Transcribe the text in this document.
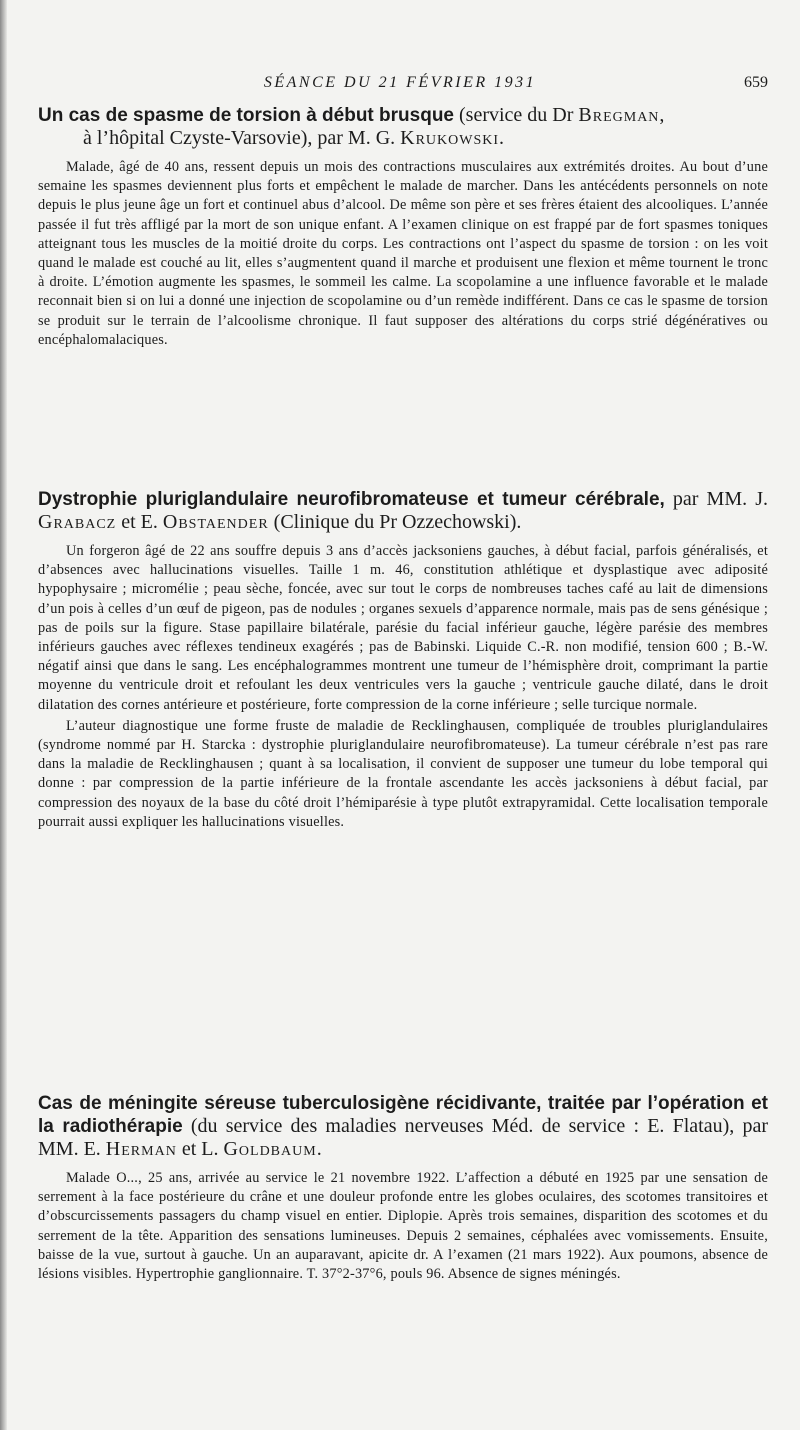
SÉANCE DU 21 FÉVRIER 1931	659
Un cas de spasme de torsion à début brusque (service du Dr Bregman,
à l’hôpital Czyste-Varsovie), par M. G. Krukowski.

Malade, âgé de 40 ans, ressent depuis un mois des contractions musculaires aux extrémités droites. Au bout d’une semaine les spasmes deviennent plus forts et empêchent le malade de marcher. Dans les antécédents personnels on note depuis le plus jeune âge un fort et continuel abus d’alcool. De même son père et ses frères étaient des alcooliques. L’année passée il fut très affligé par la mort de son unique enfant. A l’examen clinique on est frappé par de fort spasmes toniques atteignant tous les muscles de la moitié droite du corps. Les contractions ont l’aspect du spasme de torsion : on les voit quand le malade est couché au lit, elles s’augmentent quand il marche et produisent une flexion et même tournent le tronc à droite. L’émotion augmente les spasmes, le sommeil les calme. La scopolamine a une influence favorable et le malade reconnait bien si on lui a donné une injection de scopolamine ou d’un remède indifférent. Dans ce cas le spasme de torsion se produit sur le terrain de l’alcoolisme chronique. Il faut supposer des altérations du corps strié dégénératives ou encéphalomalaciques.

Dystrophie pluriglandulaire neurofibromateuse et tumeur cérébrale, par MM. J. Grabacz et E. Obstaender (Clinique du Pr Ozzechowski).

Un forgeron âgé de 22 ans souffre depuis 3 ans d’accès jacksoniens gauches, à début facial, parfois généralisés, et d’absences avec hallucinations visuelles. Taille 1 m. 46, constitution athlétique et dysplastique avec adiposité hypophysaire ; micromélie ; peau sèche, foncée, avec sur tout le corps de nombreuses taches café au lait de dimensions d’un pois à celles d’un œuf de pigeon, pas de nodules ; organes sexuels d’apparence normale, mais pas de sens génésique ; pas de poils sur la figure. Stase papillaire bilatérale, parésie du facial inférieur gauche, légère parésie des membres inférieurs gauches avec réflexes tendineux exagérés ; pas de Babinski. Liquide C.-R. non modifié, tension 600 ; B.-W. négatif ainsi que dans le sang. Les encéphalogrammes montrent une tumeur de l’hémisphère droit, comprimant la partie moyenne du ventricule droit et refoulant les deux ventricules vers la gauche ; ventricule gauche dilaté, dans le droit dilatation des cornes antérieure et postérieure, forte compression de la corne inférieure ; selle turcique normale.

L’auteur diagnostique une forme fruste de maladie de Recklinghausen, compliquée de troubles pluriglandulaires (syndrome nommé par H. Starcka : dystrophie pluriglandulaire neurofibromateuse). La tumeur cérébrale n’est pas rare dans la maladie de Recklinghausen ; quant à sa localisation, il convient de supposer une tumeur du lobe temporal qui donne : par compression de la partie inférieure de la frontale ascendante les accès jacksoniens à début facial, par compression des noyaux de la base du côté droit l’hémiparésie à type plutôt extrapyramidal. Cette localisation temporale pourrait aussi expliquer les hallucinations visuelles.

Cas de méningite séreuse tuberculosigène récidivante, traitée par l’opération et la radiothérapie (du service des maladies nerveuses Méd. de service : E. Flatau), par MM. E. Herman et L. Goldbaum.

Malade O..., 25 ans, arrivée au service le 21 novembre 1922. L’affection a débuté en 1925 par une sensation de serrement à la face postérieure du crâne et une douleur profonde entre les globes oculaires, des scotomes transitoires et d’obscurcissements passagers du champ visuel en entier. Diplopie. Après trois semaines, disparition des scotomes et du serrement de la tête. Apparition des sensations lumineuses. Depuis 2 semaines, céphalées avec vomissements. Ensuite, baisse de la vue, surtout à gauche. Un an auparavant, apicite dr. A l’examen (21 mars 1922). Aux poumons, absence de lésions visibles. Hypertrophie ganglionnaire. T. 37°2-37°6, pouls 96. Absence de signes méningés.
